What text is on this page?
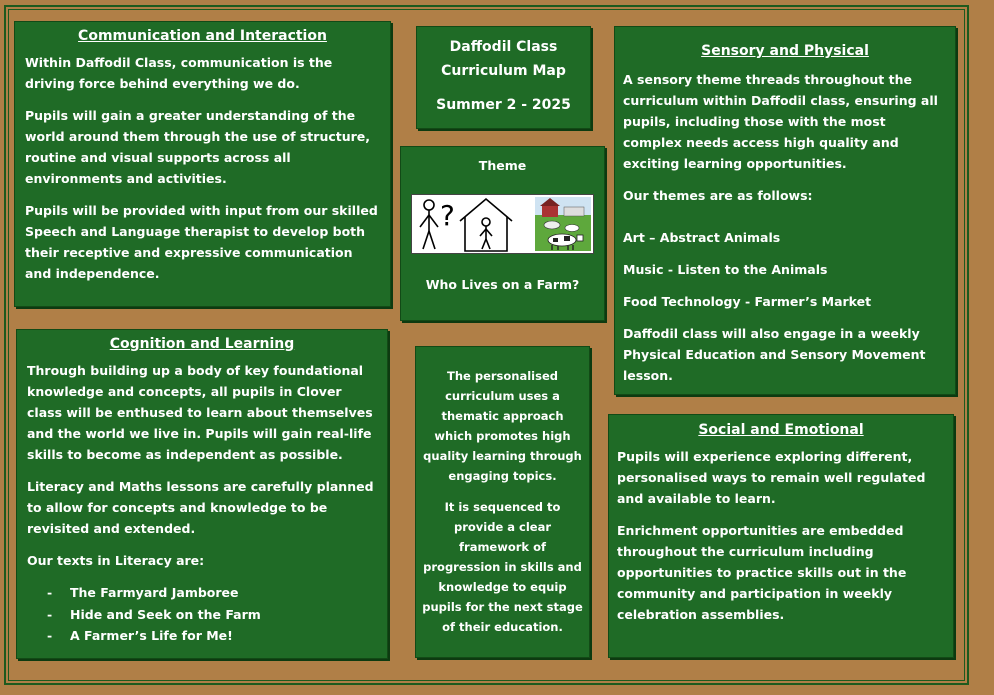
Communication and Interaction

Within Daffodil Class, communication is the driving force behind everything we do.

Pupils will gain a greater understanding of the world around them through the use of structure, routine and visual supports across all environments and activities.

Pupils will be provided with input from our skilled Speech and Language therapist to develop both their receptive and expressive communication and independence.

Daffodil Class
Curriculum Map
Summer 2 - 2025
Theme
?
Who Lives on a Farm?
Sensory and Physical

A sensory theme threads throughout the curriculum within Daffodil class, ensuring all pupils, including those with the most complex needs access high quality and exciting learning opportunities.

Our themes are as follows:

Art – Abstract Animals

Music - Listen to the Animals

Food Technology - Farmer’s Market

Daffodil class will also engage in a weekly Physical Education and Sensory Movement lesson.

Cognition and Learning

Through building up a body of key foundational knowledge and concepts, all pupils in Clover class will be enthused to learn about themselves and the world we live in. Pupils will gain real-life skills to become as independent as possible.

Literacy and Maths lessons are carefully planned to allow for concepts and knowledge to be revisited and extended.

Our texts in Literacy are:

- The Farmyard Jamboree
- Hide and Seek on the Farm
- A Farmer’s Life for Me!

The personalised curriculum uses a thematic approach which promotes high quality learning through engaging topics.

It is sequenced to provide a clear framework of progression in skills and knowledge to equip pupils for the next stage of their education.

Social and Emotional

Pupils will experience exploring different, personalised ways to remain well regulated and available to learn.

Enrichment opportunities are embedded throughout the curriculum including opportunities to practice skills out in the community and participation in weekly celebration assemblies.
